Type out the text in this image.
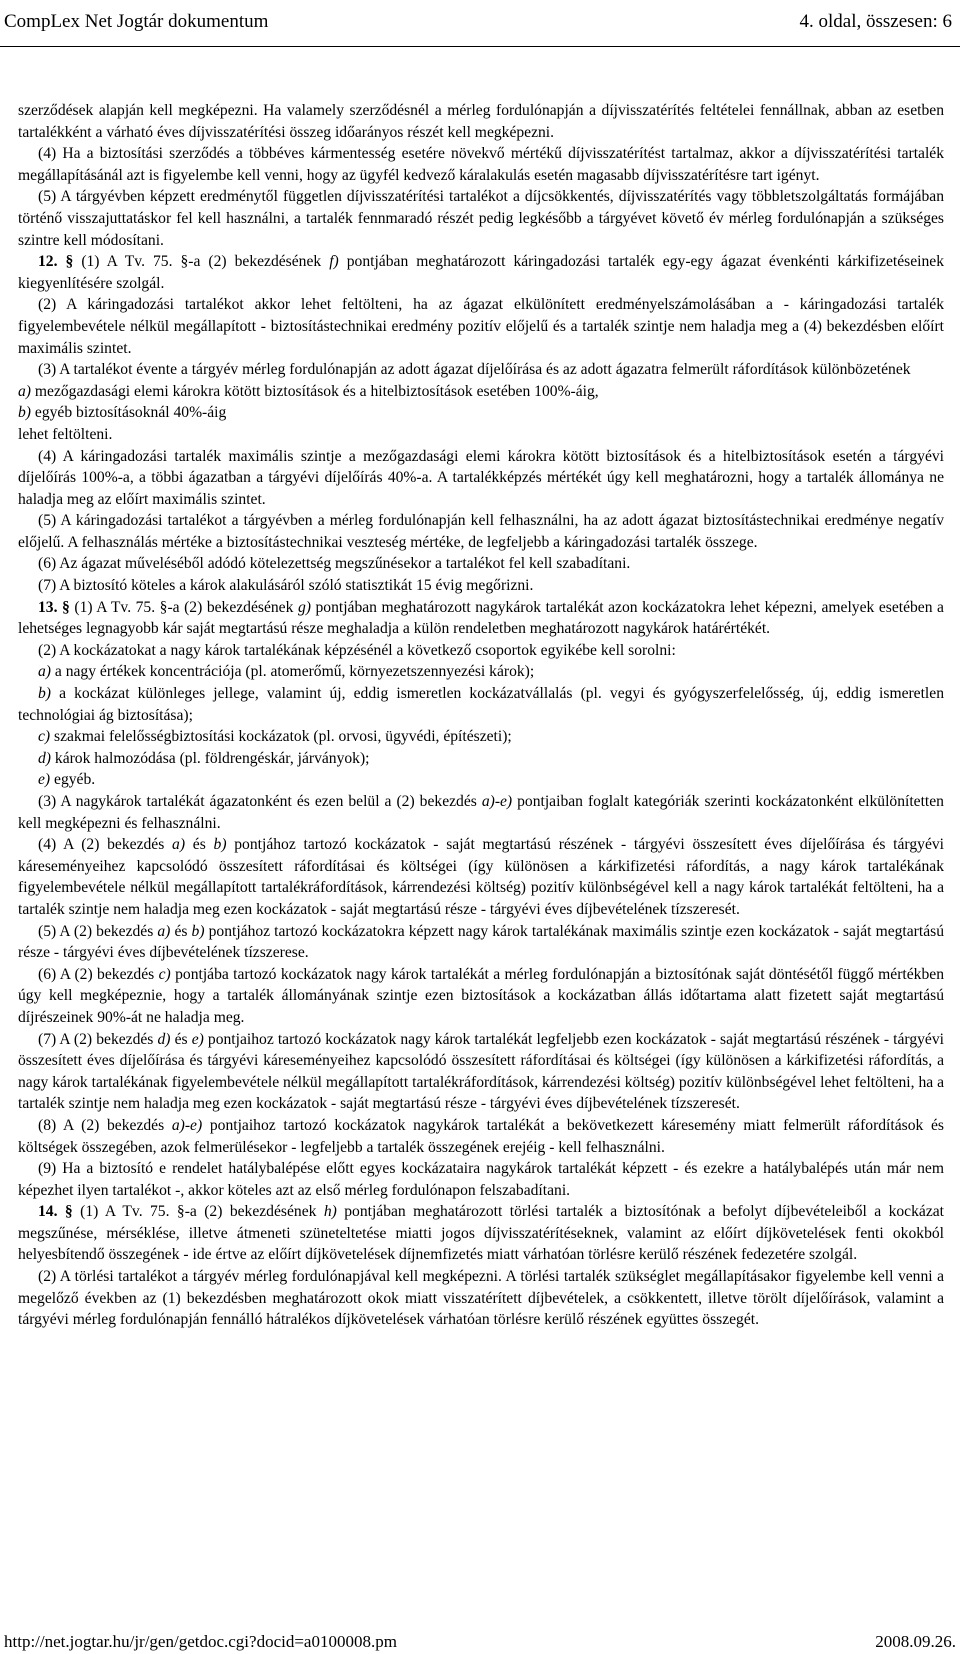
CompLex Net Jogtár dokumentum	4. oldal, összesen: 6

szerződések alapján kell megképezni. Ha valamely szerződésnél a mérleg fordulónapján a díjvisszatérítés feltételei fennállnak, abban az esetben tartalékként a várható éves díjvisszatérítési összeg időarányos részét kell megképezni.

(4) Ha a biztosítási szerződés a többéves kármentesség esetére növekvő mértékű díjvisszatérítést tartalmaz, akkor a díjvisszatérítési tartalék megállapításánál azt is figyelembe kell venni, hogy az ügyfél kedvező káralakulás esetén magasabb díjvisszatérítésre tart igényt.

(5) A tárgyévben képzett eredménytől független díjvisszatérítési tartalékot a díjcsökkentés, díjvisszatérítés vagy többletszolgáltatás formájában történő visszajuttatáskor fel kell használni, a tartalék fennmaradó részét pedig legkésőbb a tárgyévet követő év mérleg fordulónapján a szükséges szintre kell módosítani.

12. § (1) A Tv. 75. §-a (2) bekezdésének f) pontjában meghatározott káringadozási tartalék egy-egy ágazat évenkénti kárkifizetéseinek kiegyenlítésére szolgál.

(2) A káringadozási tartalékot akkor lehet feltölteni, ha az ágazat elkülönített eredményelszámolásában a - káringadozási tartalék figyelembevétele nélkül megállapított - biztosítástechnikai eredmény pozitív előjelű és a tartalék szintje nem haladja meg a (4) bekezdésben előírt maximális szintet.

(3) A tartalékot évente a tárgyév mérleg fordulónapján az adott ágazat díjelőírása és az adott ágazatra felmerült ráfordítások különbözetének

a) mezőgazdasági elemi károkra kötött biztosítások és a hitelbiztosítások esetében 100%-áig,

b) egyéb biztosításoknál 40%-áig

lehet feltölteni.

(4) A káringadozási tartalék maximális szintje a mezőgazdasági elemi károkra kötött biztosítások és a hitelbiztosítások esetén a tárgyévi díjelőírás 100%-a, a többi ágazatban a tárgyévi díjelőírás 40%-a. A tartalékképzés mértékét úgy kell meghatározni, hogy a tartalék állománya ne haladja meg az előírt maximális szintet.

(5) A káringadozási tartalékot a tárgyévben a mérleg fordulónapján kell felhasználni, ha az adott ágazat biztosítástechnikai eredménye negatív előjelű. A felhasználás mértéke a biztosítástechnikai veszteség mértéke, de legfeljebb a káringadozási tartalék összege.

(6) Az ágazat műveléséből adódó kötelezettség megszűnésekor a tartalékot fel kell szabadítani.

(7) A biztosító köteles a károk alakulásáról szóló statisztikát 15 évig megőrizni.

13. § (1) A Tv. 75. §-a (2) bekezdésének g) pontjában meghatározott nagykárok tartalékát azon kockázatokra lehet képezni, amelyek esetében a lehetséges legnagyobb kár saját megtartású része meghaladja a külön rendeletben meghatározott nagykárok határértékét.

(2) A kockázatokat a nagy károk tartalékának képzésénél a következő csoportok egyikébe kell sorolni:

a) a nagy értékek koncentrációja (pl. atomerőmű, környezetszennyezési károk);

b) a kockázat különleges jellege, valamint új, eddig ismeretlen kockázatvállalás (pl. vegyi és gyógyszerfelelősség, új, eddig ismeretlen technológiai ág biztosítása);

c) szakmai felelősségbiztosítási kockázatok (pl. orvosi, ügyvédi, építészeti);

d) károk halmozódása (pl. földrengéskár, járványok);

e) egyéb.

(3) A nagykárok tartalékát ágazatonként és ezen belül a (2) bekezdés a)-e) pontjaiban foglalt kategóriák szerinti kockázatonként elkülönítetten kell megképezni és felhasználni.

(4) A (2) bekezdés a) és b) pontjához tartozó kockázatok - saját megtartású részének - tárgyévi összesített éves díjelőírása és tárgyévi káreseményeihez kapcsolódó összesített ráfordításai és költségei (így különösen a kárkifizetési ráfordítás, a nagy károk tartalékának figyelembevétele nélkül megállapított tartalékráfordítások, kárrendezési költség) pozitív különbségével kell a nagy károk tartalékát feltölteni, ha a tartalék szintje nem haladja meg ezen kockázatok - saját megtartású része - tárgyévi éves díjbevételének tízszeresét.

(5) A (2) bekezdés a) és b) pontjához tartozó kockázatokra képzett nagy károk tartalékának maximális szintje ezen kockázatok - saját megtartású része - tárgyévi éves díjbevételének tízszerese.

(6) A (2) bekezdés c) pontjába tartozó kockázatok nagy károk tartalékát a mérleg fordulónapján a biztosítónak saját döntésétől függő mértékben úgy kell megképeznie, hogy a tartalék állományának szintje ezen biztosítások a kockázatban állás időtartama alatt fizetett saját megtartású díjrészeinek 90%-át ne haladja meg.

(7) A (2) bekezdés d) és e) pontjaihoz tartozó kockázatok nagy károk tartalékát legfeljebb ezen kockázatok - saját megtartású részének - tárgyévi összesített éves díjelőírása és tárgyévi káreseményeihez kapcsolódó összesített ráfordításai és költségei (így különösen a kárkifizetési ráfordítás, a nagy károk tartalékának figyelembevétele nélkül megállapított tartalékráfordítások, kárrendezési költség) pozitív különbségével lehet feltölteni, ha a tartalék szintje nem haladja meg ezen kockázatok - saját megtartású része - tárgyévi éves díjbevételének tízszeresét.

(8) A (2) bekezdés a)-e) pontjaihoz tartozó kockázatok nagykárok tartalékát a bekövetkezett káresemény miatt felmerült ráfordítások és költségek összegében, azok felmerülésekor - legfeljebb a tartalék összegének erejéig - kell felhasználni.

(9) Ha a biztosító e rendelet hatálybalépése előtt egyes kockázataira nagykárok tartalékát képzett - és ezekre a hatálybalépés után már nem képezhet ilyen tartalékot -, akkor köteles azt az első mérleg fordulónapon felszabadítani.

14. § (1) A Tv. 75. §-a (2) bekezdésének h) pontjában meghatározott törlési tartalék a biztosítónak a befolyt díjbevételeiből a kockázat megszűnése, mérséklése, illetve átmeneti szüneteltetése miatti jogos díjvisszatérítéseknek, valamint az előírt díjkövetelések fenti okokból helyesbítendő összegének - ide értve az előírt díjkövetelések díjnemfizetés miatt várhatóan törlésre kerülő részének fedezetére szolgál.

(2) A törlési tartalékot a tárgyév mérleg fordulónapjával kell megképezni. A törlési tartalék szükséglet megállapításakor figyelembe kell venni a megelőző években az (1) bekezdésben meghatározott okok miatt visszatérített díjbevételek, a csökkentett, illetve törölt díjelőírások, valamint a tárgyévi mérleg fordulónapján fennálló hátralékos díjkövetelések várhatóan törlésre kerülő részének együttes összegét.

http://net.jogtar.hu/jr/gen/getdoc.cgi?docid=a0100008.pm	2008.09.26.
